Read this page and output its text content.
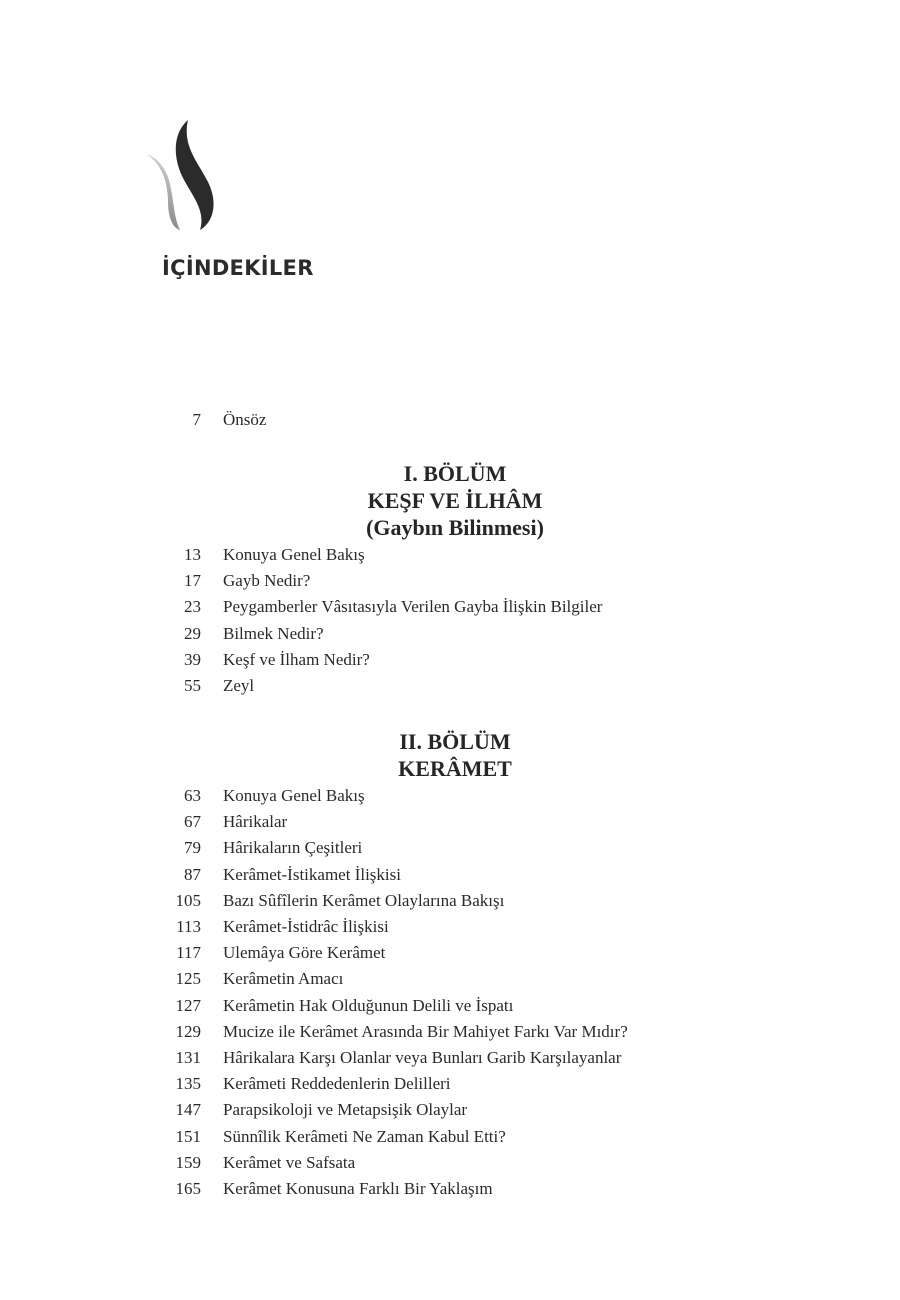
İÇİNDEKİLER
7 Önsöz
I. BÖLÜM
KEŞF VE İLHÂM
(Gaybın Bilinmesi)
13 Konuya Genel Bakış
17 Gayb Nedir?
23 Peygamberler Vâsıtasıyla Verilen Gayba İlişkin Bilgiler
29 Bilmek Nedir?
39 Keşf ve İlham Nedir?
55 Zeyl
II. BÖLÜM
KERÂMET
63 Konuya Genel Bakış
67 Hârikalar
79 Hârikaların Çeşitleri
87 Kerâmet-İstikamet İlişkisi
105 Bazı Sûfîlerin Kerâmet Olaylarına Bakışı
113 Kerâmet-İstidrâc İlişkisi
117 Ulemâya Göre Kerâmet
125 Kerâmetin Amacı
127 Kerâmetin Hak Olduğunun Delili ve İspatı
129 Mucize ile Kerâmet Arasında Bir Mahiyet Farkı Var Mıdır?
131 Hârikalara Karşı Olanlar veya Bunları Garib Karşılayanlar
135 Kerâmeti Reddedenlerin Delilleri
147 Parapsikoloji ve Metapsişik Olaylar
151 Sünnîlik Kerâmeti Ne Zaman Kabul Etti?
159 Kerâmet ve Safsata
165 Kerâmet Konusuna Farklı Bir Yaklaşım
